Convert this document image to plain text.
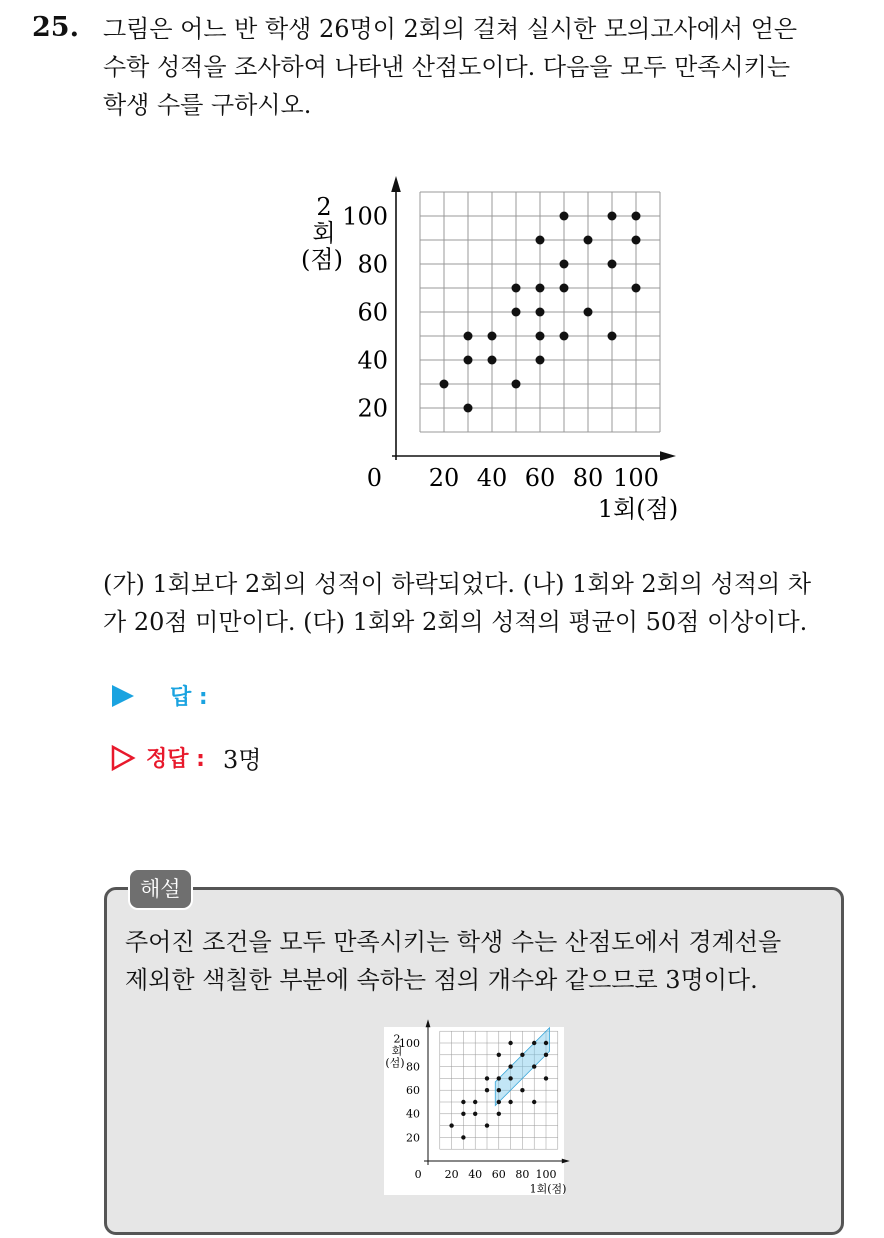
25. 그림은 어느 반 학생 26명이 2회의 걸쳐 실시한 모의고사에서 얻은
수학 성적을 조사하여 나타낸 산점도이다. 다음을 모두 만족시키는
학생 수를 구하시오.
20 40 60 80 100
20
40
60
80
100
0
1회(점)
2
회
(점)
(가) 1회보다 2회의 성적이 하락되었다. (나) 1회와 2회의 성적의 차
가 20점 미만이다. (다) 1회와 2회의 성적의 평균이 50점 이상이다.
답 :
정답 : 3명
해설
주어진 조건을 모두 만족시키는 학생 수는 산점도에서 경계선을
제외한 색칠한 부분에 속하는 점의 개수와 같으므로 3명이다.
20 40 60 80 100
20
40
60
80
100
0
1회(점)
2
회
(섬)
